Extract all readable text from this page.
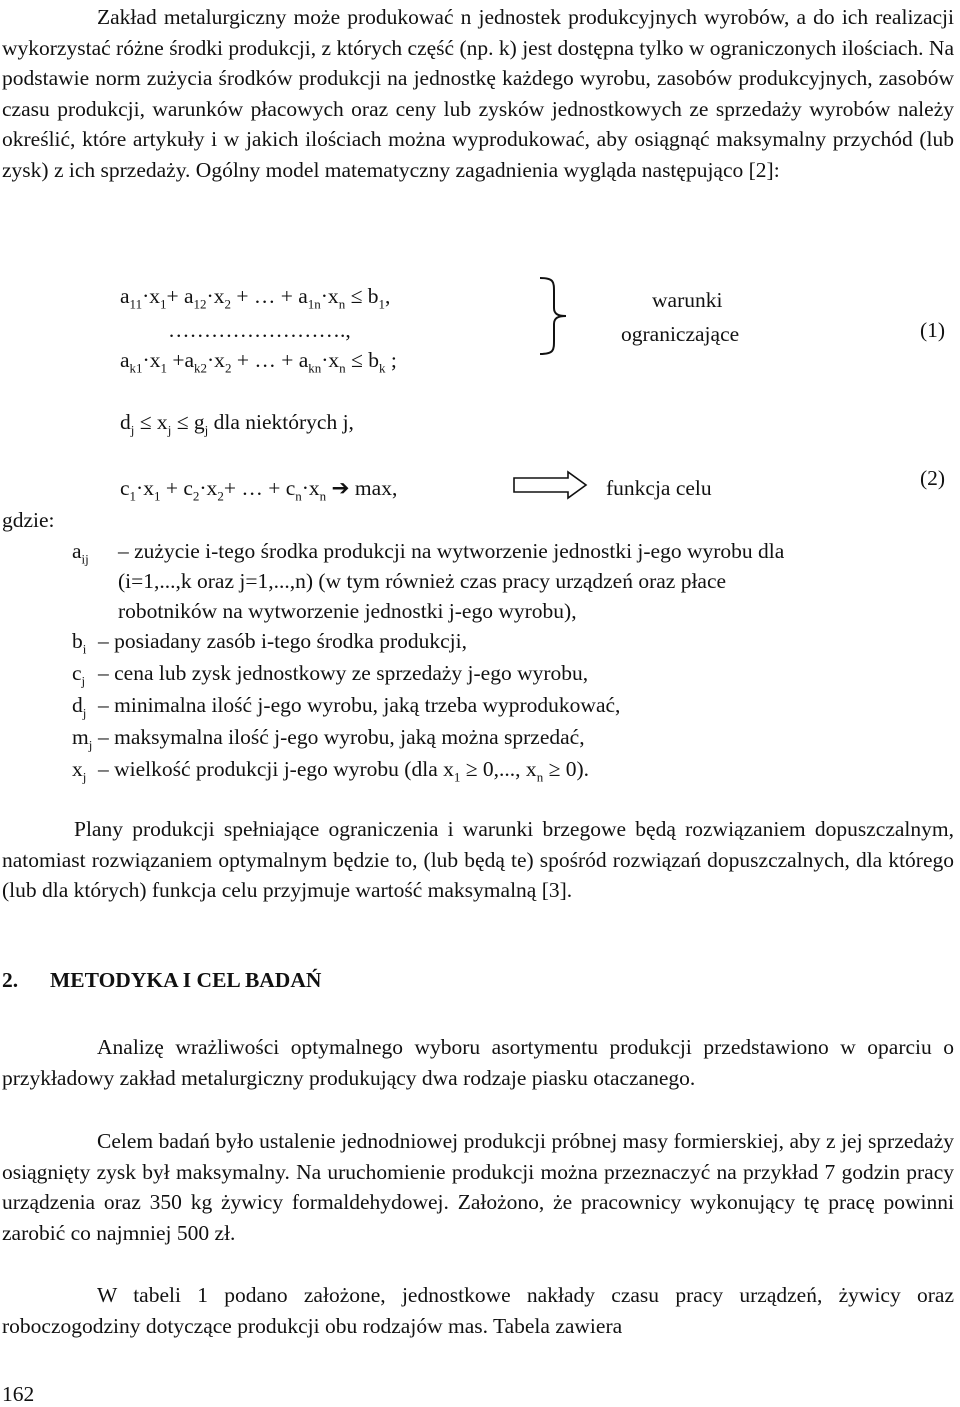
Zakład metalurgiczny może produkować n jednostek produkcyjnych wyrobów, a do ich realizacji wykorzystać różne środki produkcji, z których część (np. k) jest dostępna tylko w ograniczonych ilościach. Na podstawie norm zużycia środków produkcji na jednostkę każdego wyrobu, zasobów produkcyjnych, zasobów czasu produkcji, warunków płacowych oraz ceny lub zysków jednostkowych ze sprzedaży wyrobów należy określić, które artykuły i w jakich ilościach można wyprodukować, aby osiągnąć maksymalny przychód (lub zysk) z ich sprzedaży. Ogólny model matematyczny zagadnienia wygląda następująco [2]:

$a_{11}\cdot x_1+ a_{12}\cdot x_2$ + … + $a_{1n}\cdot x_n \le b_1$,
…………………….,
$a_{k1}\cdot x_1 +a_{k2}\cdot x_2$ + … + $a_{kn}\cdot x_n \le b_k$ ;
warunki
ograniczające	(1)
$d_j \le x_j \le g_j$ dla niektórych j,
$c_1\cdot x_1 + c_2\cdot x_2+$ … + $c_n\cdot x_n$ ➔ max,	funkcja celu	(2)
gdzie:
$a_{ij}$ – zużycie i-tego środka produkcji na wytworzenie jednostki j-ego wyrobu dla
(i=1,...,k oraz j=1,...,n) (w tym również czas pracy urządzeń oraz płace
robotników na wytworzenie jednostki j-ego wyrobu),
$b_i$ – posiadany zasób i-tego środka produkcji,
$c_j$ – cena lub zysk jednostkowy ze sprzedaży j-ego wyrobu,
$d_j$ – minimalna ilość j-ego wyrobu, jaką trzeba wyprodukować,
$m_j$ – maksymalna ilość j-ego wyrobu, jaką można sprzedać,
$x_j$ – wielkość produkcji j-ego wyrobu (dla $x_1 \ge 0$,..., $x_n \ge 0$).

Plany produkcji spełniające ograniczenia i warunki brzegowe będą rozwiązaniem dopuszczalnym, natomiast rozwiązaniem optymalnym będzie to, (lub będą te) spośród rozwiązań dopuszczalnych, dla którego (lub dla których) funkcja celu przyjmuje wartość maksymalną [3].

2. METODYKA I CEL BADAŃ

Analizę wrażliwości optymalnego wyboru asortymentu produkcji przedstawiono w oparciu o przykładowy zakład metalurgiczny produkujący dwa rodzaje piasku otaczanego.

Celem badań było ustalenie jednodniowej produkcji próbnej masy formierskiej, aby z jej sprzedaży osiągnięty zysk był maksymalny. Na uruchomienie produkcji można przeznaczyć na przykład 7 godzin pracy urządzenia oraz 350 kg żywicy formaldehydowej. Założono, że pracownicy wykonujący tę pracę powinni zarobić co najmniej 500 zł.

W tabeli 1 podano założone, jednostkowe nakłady czasu pracy urządzeń, żywicy oraz roboczogodziny dotyczące produkcji obu rodzajów mas. Tabela zawiera

162
